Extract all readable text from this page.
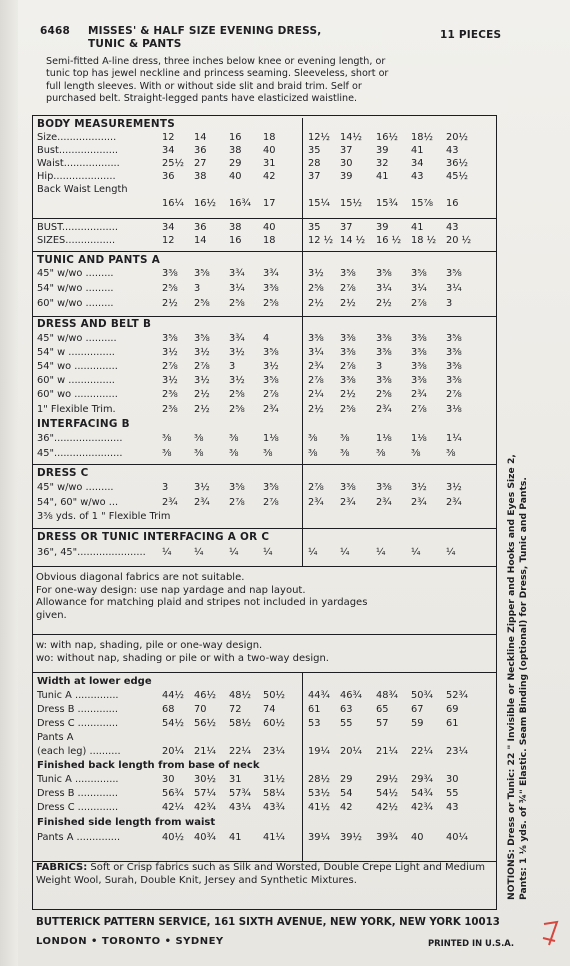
6468 MISSES' & HALF SIZE EVENING DRESS,
TUNIC & PANTS
11 PIECES
Semi-fitted A-line dress, three inches below knee or evening length, or
tunic top has jewel neckline and princess seaming. Sleeveless, short or
full length sleeves. With or without side slit and braid trim. Self or
purchased belt. Straight-legged pants have elasticized waistline.
BODY MEASUREMENTS
Size...................	12	14	16	18	12½	14½	16½	18½	20½
Bust...................	34	36	38	40	35	37	39	41	43
Waist..................	25½	27	29	31	28	30	32	34	36½
Hip....................	36	38	40	42	37	39	41	43	45½
Back Waist Length
16¼	16½	16¾	17	15¼	15½	15¾	15⅞	16
BUST..................	34	36	38	40	35	37	39	41	43
SIZES................	12	14	16	18	12 ½ 14 ½	16 ½	18 ½	20 ½
TUNIC AND PANTS A
45" w/wo .........	3⅜	3⅝	3¾	3¾	3½	3⅝	3⅝	3⅝	3⅝
54" w/wo .........	2⅝	3	3¼	3⅜	2⅝	2⅞	3¼	3¼	3¼
60" w/wo .........	2½	2⅝	2⅝	2⅝	2½	2½	2½	2⅞	3
DRESS AND BELT B
45" w/wo ..........	3⅝	3⅝	3¾	4	3⅜	3⅜	3⅜	3⅜	3⅝
54" w ...............	3½	3½	3½	3⅝	3¼	3⅜	3⅜	3⅜	3⅜
54" wo ..............	2⅞	2⅞	3	3½	2¾	2⅞	3	3⅜	3⅜
60" w ...............	3½	3½	3½	3⅝	2⅞	3⅜	3⅜	3⅜	3⅜
60" wo ..............	2⅜	2½	2⅝	2⅞	2¼	2½	2⅝	2¾	2⅞
1" Flexible Trim.	2⅜	2½	2⅝	2¾	2½	2⅝	2¾	2⅞	3⅛
INTERFACING B
36"......................	⅜	⅜	⅜	1⅛	⅜	⅜	1⅛	1⅛	1¼
45"......................	⅜	⅜	⅜	⅜	⅜	⅜	⅜	⅜	⅜
DRESS C
45" w/wo .........	3	3½	3⅝	3⅝	2⅞	3⅜	3⅜	3½	3½
54", 60" w/wo ...	2¾	2¾	2⅞	2⅞	2¾	2¾	2¾	2¾	2¾
3⅜ yds. of 1 " Flexible Trim
DRESS OR TUNIC INTERFACING A OR C
36", 45"...................... ¼	¼	¼	¼	¼	¼	¼	¼	¼
Width at lower edge
Tunic A ..............	44½	46½	48½	50½	44¾	46¾	48¾	50¾	52¾
Dress B .............	68	70	72	74	61	63	65	67	69
Dress C .............	54½	56½	58½	60½	53	55	57	59	61
Pants A
(each leg) ..........	20¼	21¼	22¼	23¼	19¼	20¼	21¼	22¼	23¼
Finished back length from base of neck
Tunic A ..............	30	30½	31	31½	28½	29	29½	29¾	30
Dress B .............	56¾	57¼	57¾	58¼	53½	54	54½	54¾	55
Dress C .............	42¼	42¾	43¼	43¾	41½	42	42½	42¾	43
Finished side length from waist
Pants A ..............	40½	40¾	41	41¼	39¼	39½	39¾	40	40¼
Obvious diagonal fabrics are not suitable.
For one-way design: use nap yardage and nap layout.
Allowance for matching plaid and stripes not included in yardages
given.
w: with nap, shading, pile or one-way design.
wo: without nap, shading or pile or with a two-way design.
FABRICS: Soft or Crisp fabrics such as Silk and Worsted, Double Crepe Light and Medium Weight Wool, Surah, Double Knit, Jersey and Synthetic Mixtures.	NOTIONS: Dress or Tunic: 22 " Invisible or Neckline Zipper and Hooks and Eyes Size 2, Pants: 1 ⅛ yds. of ¾" Elastic. Seam Binding (optional) for Dress, Tunic and Pants.
BUTTERICK PATTERN SERVICE, 161 SIXTH AVENUE, NEW YORK, NEW YORK 10013
LONDON • TORONTO • SYDNEY	PRINTED IN U.S.A.
